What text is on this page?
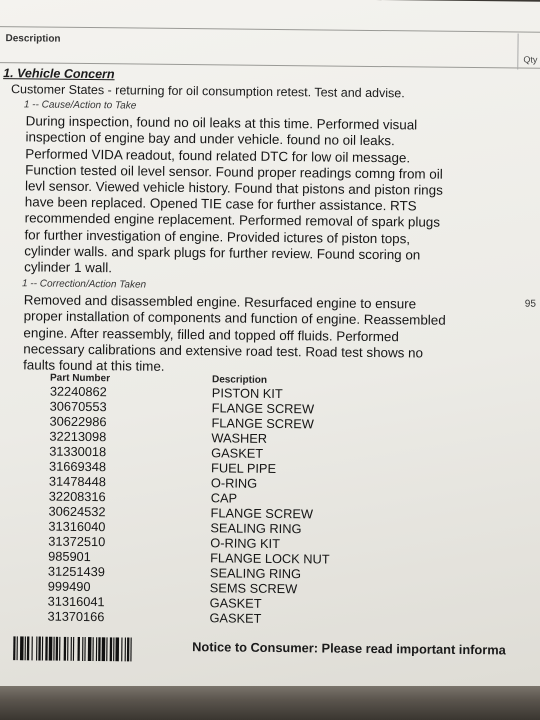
Description
Qty
1. Vehicle Concern
Customer States - returning for oil consumption retest. Test and advise.
1 -- Cause/Action to Take
During inspection, found no oil leaks at this time. Performed visual
inspection of engine bay and under vehicle. found no oil leaks.
Performed VIDA readout, found related DTC for low oil message.
Function tested oil level sensor. Found proper readings comng from oil
levl sensor. Viewed vehicle history. Found that pistons and piston rings
have been replaced. Opened TIE case for further assistance. RTS
recommended engine replacement. Performed removal of spark plugs
for further investigation of engine. Provided ictures of piston tops,
cylinder walls. and spark plugs for further review. Found scoring on
cylinder 1 wall.
1 -- Correction/Action Taken
Removed and disassembled engine. Resurfaced engine to ensure
proper installation of components and function of engine. Reassembled
engine. After reassembly, filled and topped off fluids. Performed
necessary calibrations and extensive road test. Road test shows no
faults found at this time.
95
Part Number	Description
32240862	PISTON KIT
30670553	FLANGE SCREW
30622986	FLANGE SCREW
32213098	WASHER
31330018	GASKET
31669348	FUEL PIPE
31478448	O-RING
32208316	CAP
30624532	FLANGE SCREW
31316040	SEALING RING
31372510	O-RING KIT
985901	FLANGE LOCK NUT
31251439	SEALING RING
999490	SEMS SCREW
31316041	GASKET
31370166	GASKET
Notice to Consumer: Please read important informa
